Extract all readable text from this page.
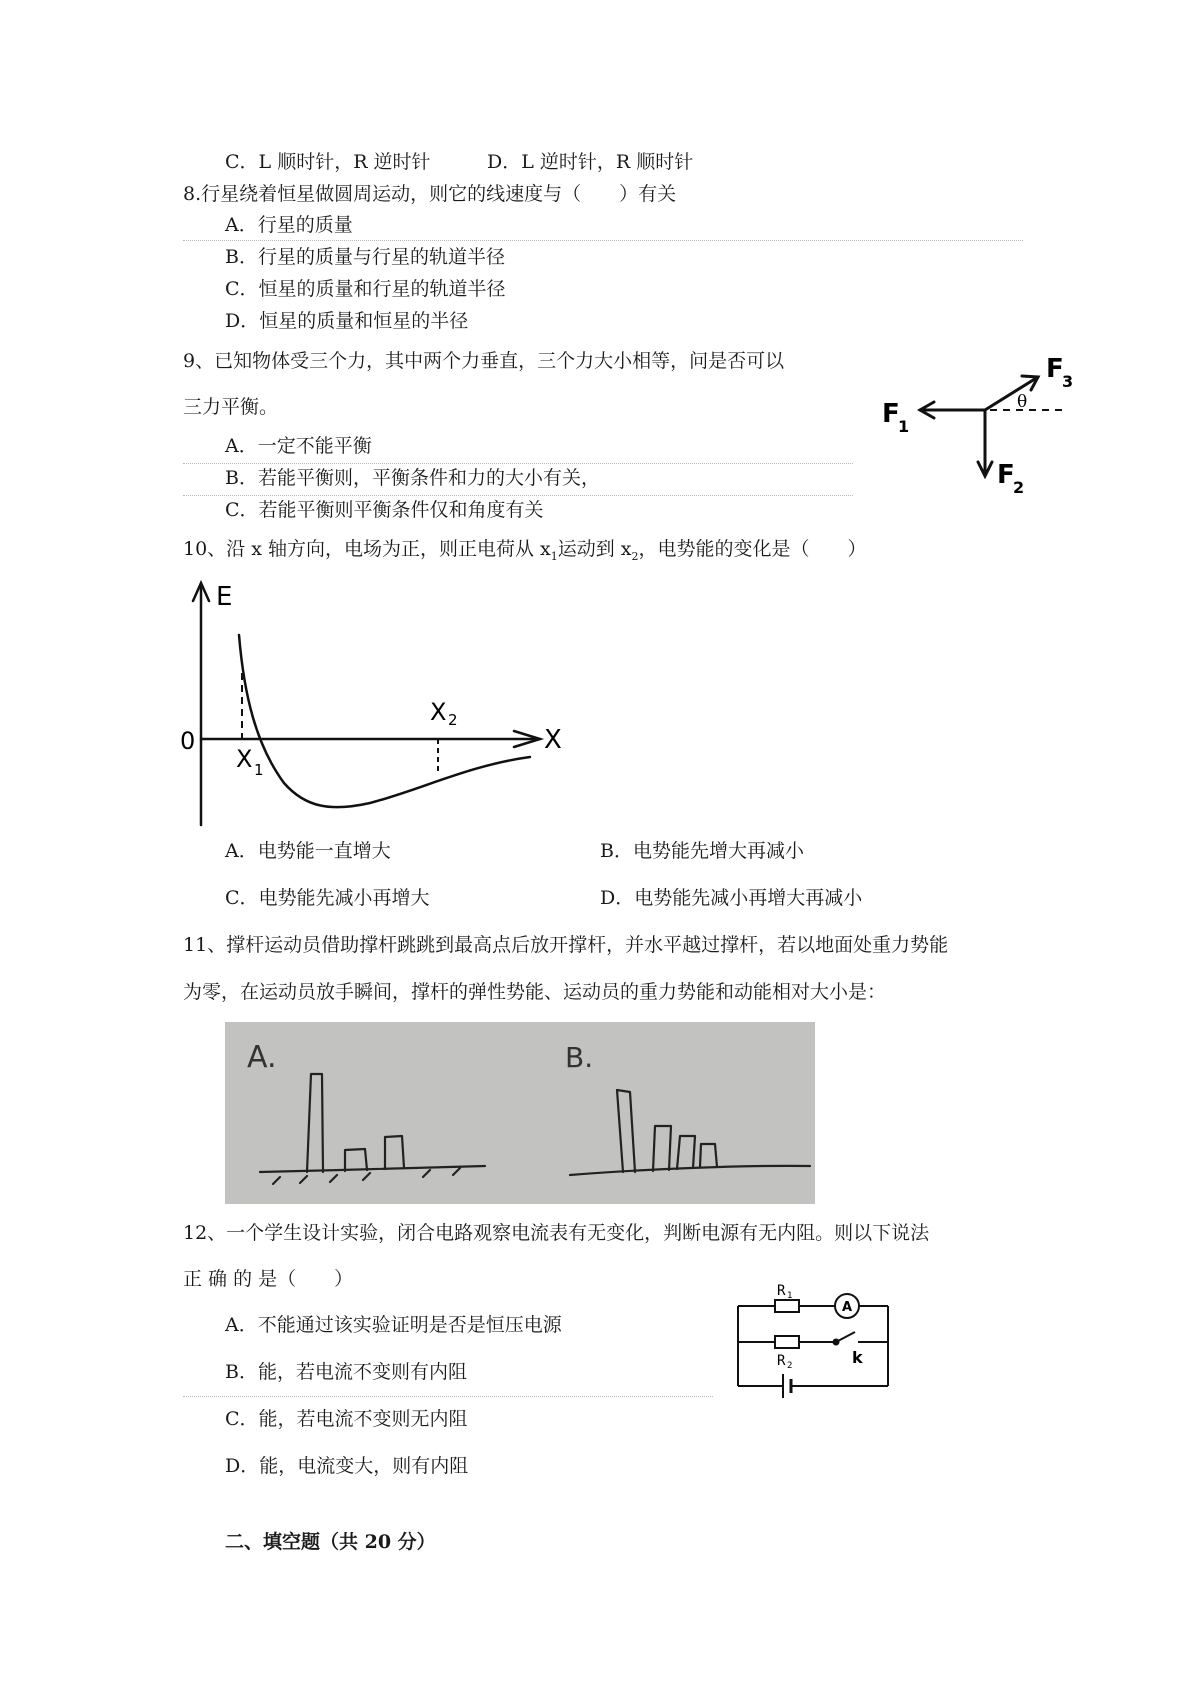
C．L 顺时针，R 逆时针	D．L 逆时针，R 顺时针
8.行星绕着恒星做圆周运动，则它的线速度与（　　）有关
A．行星的质量
B．行星的质量与行星的轨道半径
C．恒星的质量和行星的轨道半径
D．恒星的质量和恒星的半径
9、已知物体受三个力，其中两个力垂直，三个力大小相等，问是否可以
三力平衡。
A．一定不能平衡
B．若能平衡则，平衡条件和力的大小有关，
C．若能平衡则平衡条件仅和角度有关
θ
F
1
F
2
F
3
10、沿 x 轴方向，电场为正，则正电荷从 $x_1$运动到 $x_2$，电势能的变化是（　　）
E
X
0
X 1
X 2
A．电势能一直增大	B．电势能先增大再减小
C．电势能先减小再增大	D．电势能先减小再增大再减小
11、撑杆运动员借助撑杆跳跳到最高点后放开撑杆，并水平越过撑杆，若以地面处重力势能
为零，在运动员放手瞬间，撑杆的弹性势能、运动员的重力势能和动能相对大小是：
A.	B.
12、一个学生设计实验，闭合电路观察电流表有无变化，判断电源有无内阻。则以下说法
正 确 的 是（　　）
A．不能通过该实验证明是否是恒压电源
B．能，若电流不变则有内阻
C．能，若电流不变则无内阻
D．能，电流变大，则有内阻
R 1
R 2
A
k
二、填空题（共 20 分）
